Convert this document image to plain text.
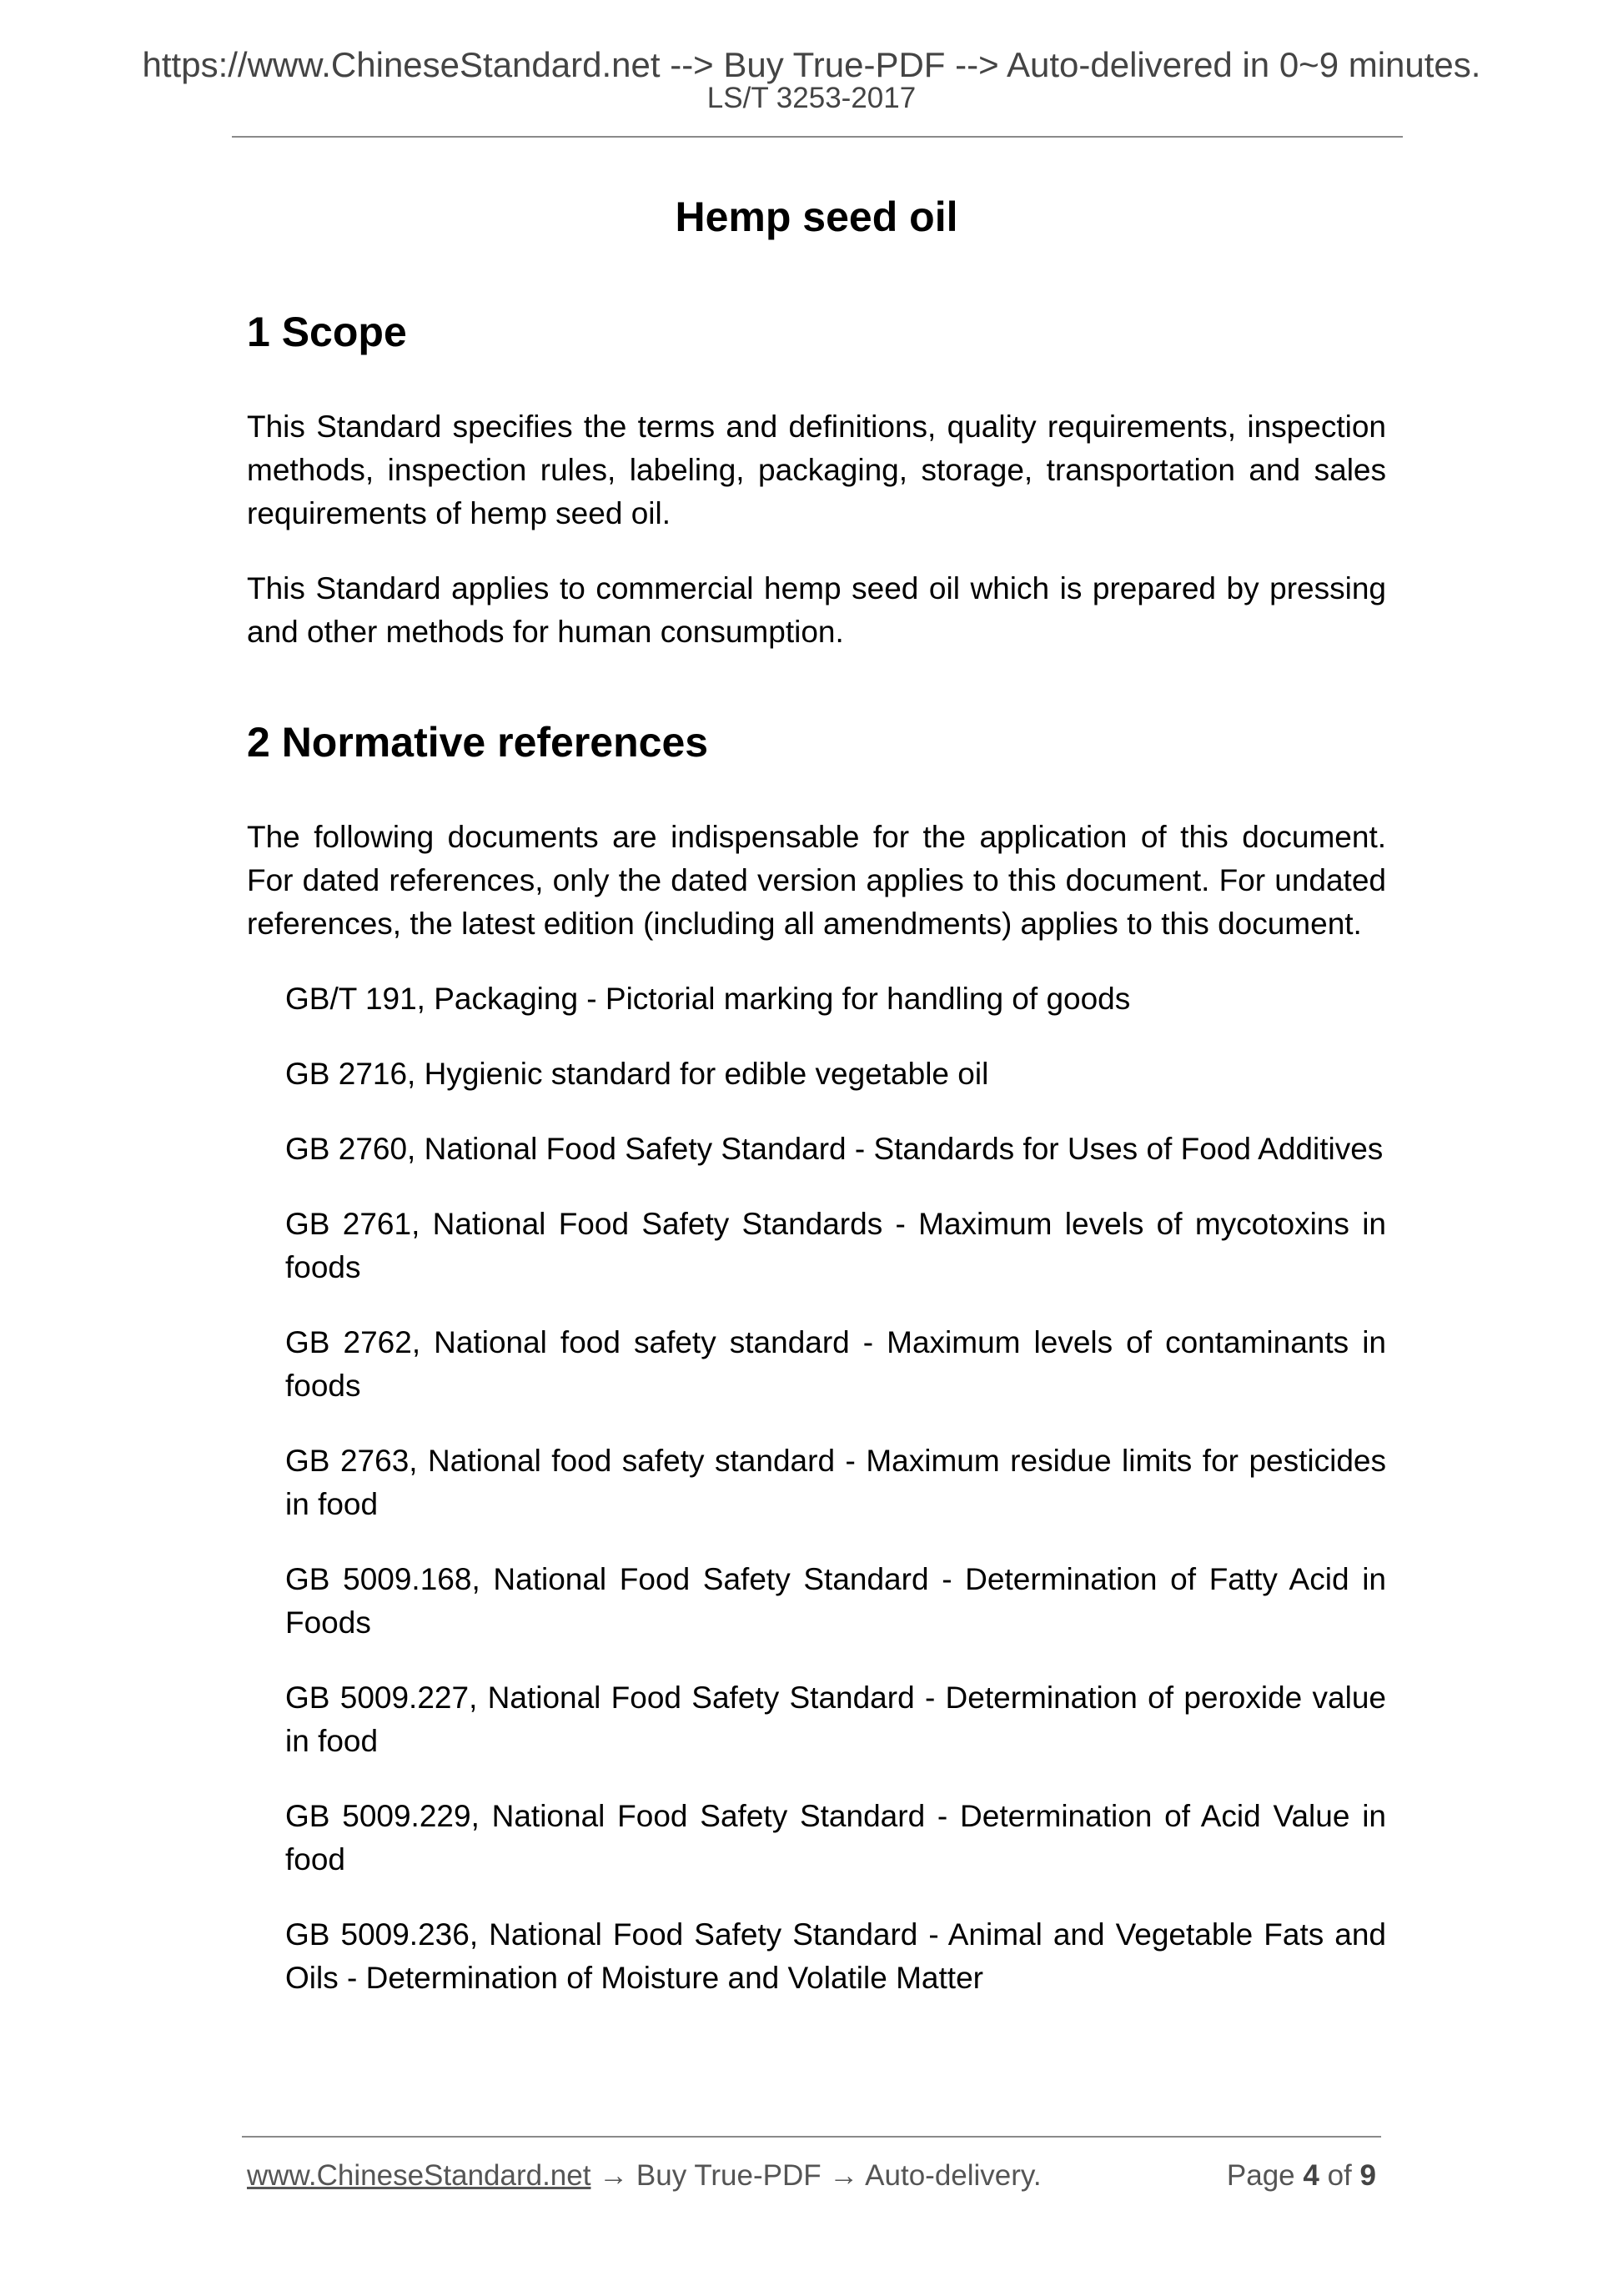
https://www.ChineseStandard.net --> Buy True-PDF --> Auto-delivered in 0~9 minutes.
LS/T 3253-2017
Hemp seed oil
1 Scope

This Standard specifies the terms and definitions, quality requirements, inspection methods, inspection rules, labeling, packaging, storage, transportation and sales requirements of hemp seed oil.

This Standard applies to commercial hemp seed oil which is prepared by pressing and other methods for human consumption.

2 Normative references

The following documents are indispensable for the application of this document. For dated references, only the dated version applies to this document. For undated references, the latest edition (including all amendments) applies to this document.

GB/T 191, Packaging - Pictorial marking for handling of goods
GB 2716, Hygienic standard for edible vegetable oil
GB 2760, National Food Safety Standard - Standards for Uses of Food Additives
GB 2761, National Food Safety Standards - Maximum levels of mycotoxins in foods
GB 2762, National food safety standard - Maximum levels of contaminants in foods
GB 2763, National food safety standard - Maximum residue limits for pesticides in food
GB 5009.168, National Food Safety Standard - Determination of Fatty Acid in Foods
GB 5009.227, National Food Safety Standard - Determination of peroxide value in food
GB 5009.229, National Food Safety Standard - Determination of Acid Value in food
GB 5009.236, National Food Safety Standard - Animal and Vegetable Fats and Oils - Determination of Moisture and Volatile Matter
www.ChineseStandard.net → Buy True-PDF → Auto-delivery.	Page 4 of 9
